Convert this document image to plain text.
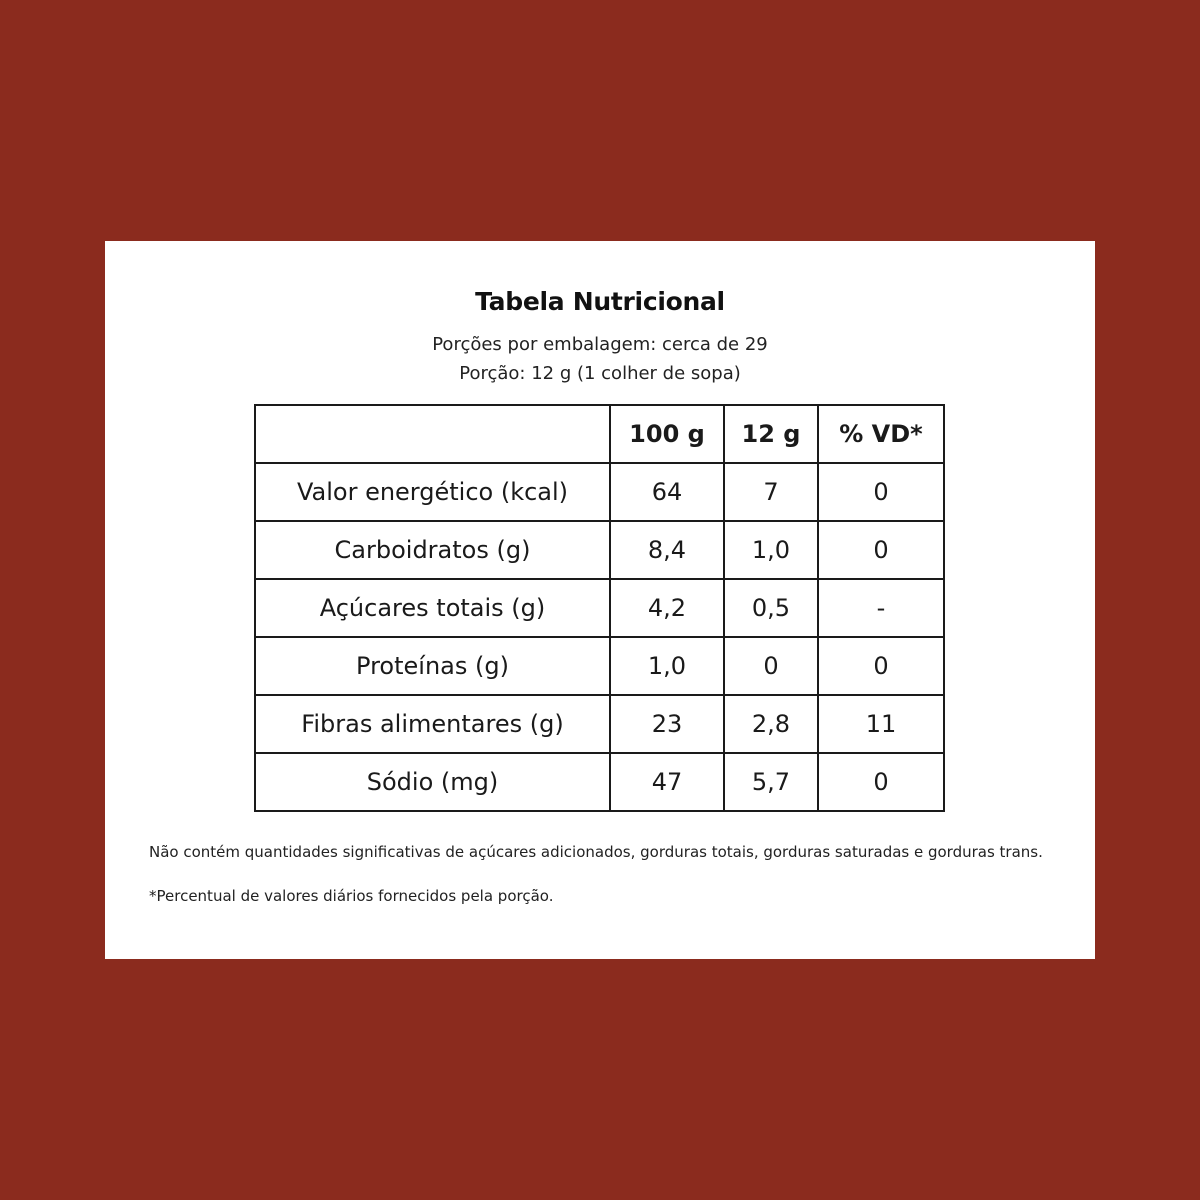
Tabela Nutricional
Porções por embalagem: cerca de 29
Porção: 12 g (1 colher de sopa)
	100 g	12 g	% VD*
Valor energético (kcal)	64	7	0
Carboidratos (g)	8,4	1,0	0
Açúcares totais (g)	4,2	0,5	-
Proteínas (g)	1,0	0	0
Fibras alimentares (g)	23	2,8	11
Sódio (mg)	47	5,7	0
Não contém quantidades significativas de açúcares adicionados, gorduras totais, gorduras saturadas e gorduras trans.
*Percentual de valores diários fornecidos pela porção.
